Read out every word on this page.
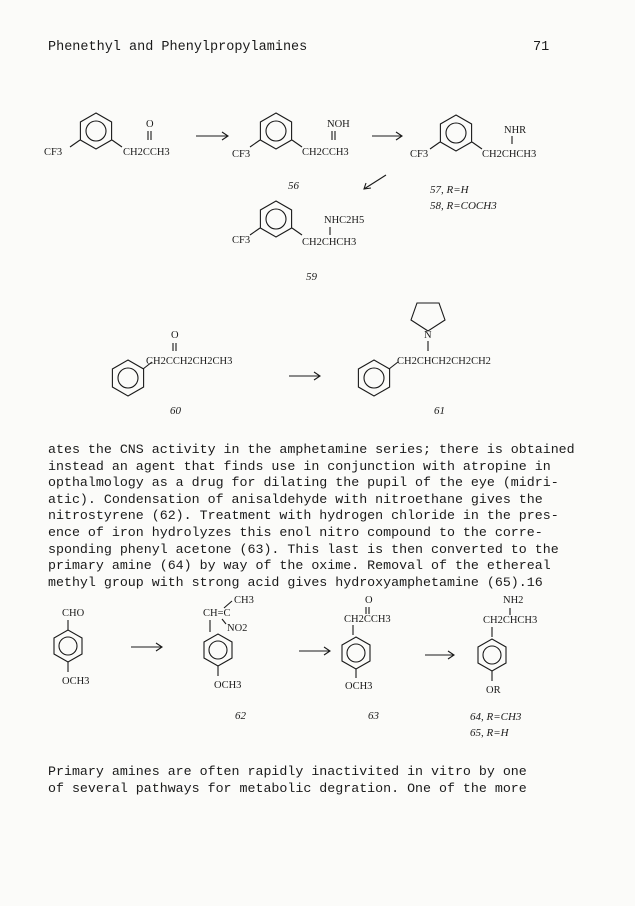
Phenethyl and Phenylpropylamines	71
CF3	CH2CCH3
O
CF3	CH2CCH3
NOH
56
CF3	CH2CHCH3
NHR
57, R=H
58, R=COCH3
CF3	CH2CHCH3
NHC2H5
59
CH2CCH2CH2CH3
O
60
CH2CHCH2CH2CH2
N
61
ates the CNS activity in the amphetamine series; there is obtained
instead an agent that finds use in conjunction with atropine in
opthalmology as a drug for dilating the pupil of the eye (midri-
atic). Condensation of anisaldehyde with nitroethane gives the
nitrostyrene (62). Treatment with hydrogen chloride in the pres-
ence of iron hydrolyzes this enol nitro compound to the corre-
sponding phenyl acetone (63). This last is then converted to the
primary amine (64) by way of the oxime. Removal of the ethereal
methyl group with strong acid gives hydroxyamphetamine (65).16
CHO
OCH3
CH3
CH=C
NO2
OCH3
62
O
CH2CCH3
OCH3
63
NH2
CH2CHCH3
OR
64, R=CH3
65, R=H
Primary amines are often rapidly inactivited in vitro by one
of several pathways for metabolic degration. One of the more
